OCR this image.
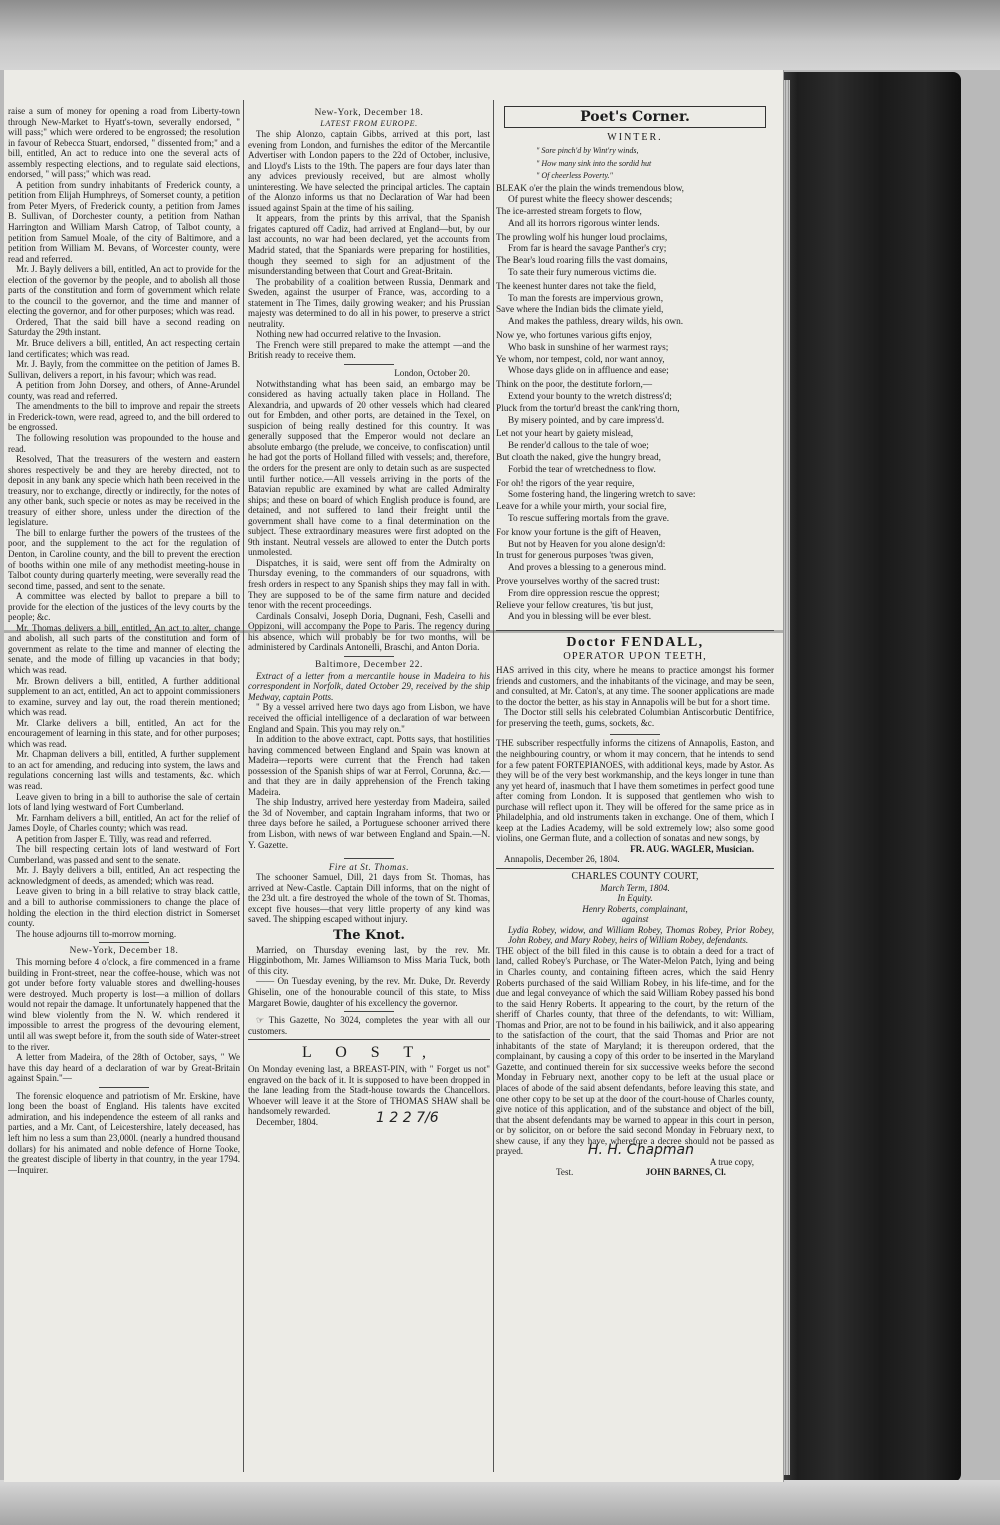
raise a sum of money for opening a road from Liberty-town through New-Market to Hyatt's-town, severally endorsed, " will pass;" which were ordered to be engrossed; the resolution in favour of Rebecca Stuart, endorsed, " dissented from;" and a bill, entitled, An act to reduce into one the several acts of assembly respecting elections, and to regulate said elections, endorsed, " will pass;" which was read.

A petition from sundry inhabitants of Frederick county, a petition from Elijah Humphreys, of Somerset county, a petition from Peter Myers, of Frederick county, a petition from James B. Sullivan, of Dorchester county, a petition from Nathan Harrington and William Marsh Catrop, of Talbot county, a petition from Samuel Moale, of the city of Baltimore, and a petition from William M. Bevans, of Worcester county, were read and referred.

Mr. J. Bayly delivers a bill, entitled, An act to provide for the election of the governor by the people, and to abolish all those parts of the constitution and form of government which relate to the council to the governor, and the time and manner of electing the governor, and for other purposes; which was read.

Ordered, That the said bill have a second reading on Saturday the 29th instant.

Mr. Bruce delivers a bill, entitled, An act respecting certain land certificates; which was read.

Mr. J. Bayly, from the committee on the petition of James B. Sullivan, delivers a report, in his favour; which was read.

A petition from John Dorsey, and others, of Anne-Arundel county, was read and referred.

The amendments to the bill to improve and repair the streets in Frederick-town, were read, agreed to, and the bill ordered to be engrossed.

The following resolution was propounded to the house and read.

Resolved, That the treasurers of the western and eastern shores respectively be and they are hereby directed, not to deposit in any bank any specie which hath been received in the treasury, nor to exchange, directly or indirectly, for the notes of any other bank, such specie or notes as may be received in the treasury of either shore, unless under the direction of the legislature.

The bill to enlarge further the powers of the trustees of the poor, and the supplement to the act for the regulation of Denton, in Caroline county, and the bill to prevent the erection of booths within one mile of any methodist meeting-house in Talbot county during quarterly meeting, were severally read the second time, passed, and sent to the senate.

A committee was elected by ballot to prepare a bill to provide for the election of the justices of the levy courts by the people; &c.

Mr. Thomas delivers a bill, entitled, An act to alter, change and abolish, all such parts of the constitution and form of government as relate to the time and manner of electing the senate, and the mode of filling up vacancies in that body; which was read.

Mr. Brown delivers a bill, entitled, A further additional supplement to an act, entitled, An act to appoint commissioners to examine, survey and lay out, the road therein mentioned; which was read.

Mr. Clarke delivers a bill, entitled, An act for the encouragement of learning in this state, and for other purposes; which was read.

Mr. Chapman delivers a bill, entitled, A further supplement to an act for amending, and reducing into system, the laws and regulations concerning last wills and testaments, &c. which was read.

Leave given to bring in a bill to authorise the sale of certain lots of land lying westward of Fort Cumberland.

Mr. Farnham delivers a bill, entitled, An act for the relief of James Doyle, of Charles county; which was read.

A petition from Jasper E. Tilly, was read and referred.

The bill respecting certain lots of land westward of Fort Cumberland, was passed and sent to the senate.

Mr. J. Bayly delivers a bill, entitled, An act respecting the acknowledgment of deeds, as amended; which was read.

Leave given to bring in a bill relative to stray black cattle, and a bill to authorise commissioners to change the place of holding the election in the third election district in Somerset county.

The house adjourns till to-morrow morning.

New-York, December 18.

This morning before 4 o'clock, a fire commenced in a frame building in Front-street, near the coffee-house, which was not got under before forty valuable stores and dwelling-houses were destroyed. Much property is lost—a million of dollars would not repair the damage. It unfortunately happened that the wind blew violently from the N. W. which rendered it impossible to arrest the progress of the devouring element, until all was swept before it, from the south side of Water-street to the river.

A letter from Madeira, of the 28th of October, says, " We have this day heard of a declaration of war by Great-Britain against Spain."—

The forensic eloquence and patriotism of Mr. Erskine, have long been the boast of England. His talents have excited admiration, and his independence the esteem of all ranks and parties, and a Mr. Cant, of Leicestershire, lately deceased, has left him no less a sum than 23,000l. (nearly a hundred thousand dollars) for his animated and noble defence of Horne Tooke, the greatest disciple of liberty in that country, in the year 1794.—Inquirer.

New-York, December 18.

LATEST FROM EUROPE.

The ship Alonzo, captain Gibbs, arrived at this port, last evening from London, and furnishes the editor of the Mercantile Advertiser with London papers to the 22d of October, inclusive, and Lloyd's Lists to the 19th. The papers are four days later than any advices previously received, but are almost wholly uninteresting. We have selected the principal articles. The captain of the Alonzo informs us that no Declaration of War had been issued against Spain at the time of his sailing.

It appears, from the prints by this arrival, that the Spanish frigates captured off Cadiz, had arrived at England—but, by our last accounts, no war had been declared, yet the accounts from Madrid stated, that the Spaniards were preparing for hostilities, though they seemed to sigh for an adjustment of the misunderstanding between that Court and Great-Britain.

The probability of a coalition between Russia, Denmark and Sweden, against the usurper of France, was, according to a statement in The Times, daily growing weaker; and his Prussian majesty was determined to do all in his power, to preserve a strict neutrality.

Nothing new had occurred relative to the Invasion.

The French were still prepared to make the attempt —and the British ready to receive them.

London, October 20.

Notwithstanding what has been said, an embargo may be considered as having actually taken place in Holland. The Alexandria, and upwards of 20 other vessels which had cleared out for Embden, and other ports, are detained in the Texel, on suspicion of being really destined for this country. It was generally supposed that the Emperor would not declare an absolute embargo (the prelude, we conceive, to confiscation) until he had got the ports of Holland filled with vessels; and, therefore, the orders for the present are only to detain such as are suspected until further notice.—All vessels arriving in the ports of the Batavian republic are examined by what are called Admiralty ships; and these on board of which English produce is found, are detained, and not suffered to land their freight until the government shall have come to a final determination on the subject. These extraordinary measures were first adopted on the 9th instant. Neutral vessels are allowed to enter the Dutch ports unmolested.

Dispatches, it is said, were sent off from the Admiralty on Thursday evening, to the commanders of our squadrons, with fresh orders in respect to any Spanish ships they may fall in with. They are supposed to be of the same firm nature and decided tenor with the recent proceedings.

Cardinals Consalvi, Joseph Doria, Dugnani, Fesh, Caselli and Oppizoni, will accompany the Pope to Paris. The regency during his absence, which will probably be for two months, will be administered by Cardinals Antonelli, Braschi, and Anton Doria.

Baltimore, December 22.

Extract of a letter from a mercantile house in Madeira to his correspondent in Norfolk, dated October 29, received by the ship Medway, captain Potts.

" By a vessel arrived here two days ago from Lisbon, we have received the official intelligence of a declaration of war between England and Spain. This you may rely on."

In addition to the above extract, capt. Potts says, that hostilities having commenced between England and Spain was known at Madeira—reports were current that the French had taken possession of the Spanish ships of war at Ferrol, Corunna, &c.—and that they are in daily apprehension of the French taking Madeira.

The ship Industry, arrived here yesterday from Madeira, sailed the 3d of November, and captain Ingraham informs, that two or three days before he sailed, a Portuguese schooner arrived there from Lisbon, with news of war between England and Spain.—N. Y. Gazette.

Fire at St. Thomas.

The schooner Samuel, Dill, 21 days from St. Thomas, has arrived at New-Castle. Captain Dill informs, that on the night of the 23d ult. a fire destroyed the whole of the town of St. Thomas, except five houses—that very little property of any kind was saved. The shipping escaped without injury.

The Knot.

Married, on Thursday evening last, by the rev. Mr. Higginbothom, Mr. James Williamson to Miss Maria Tuck, both of this city.

—— On Tuesday evening, by the rev. Mr. Duke, Dr. Reverdy Ghiselin, one of the honourable council of this state, to Miss Margaret Bowie, daughter of his excellency the governor.

☞ This Gazette, No 3024, completes the year with all our customers.

L O S T,

On Monday evening last, a BREAST-PIN, with " Forget us not" engraved on the back of it. It is supposed to have been dropped in the lane leading from the Stadt-house towards the Chancellors. Whoever will leave it at the Store of THOMAS SHAW shall be handsomely rewarded.

December, 1804.	1 2 2 7/6

Poet's Corner.
WINTER.

" Sore pinch'd by Wint'ry winds,

" How many sink into the sordid hut

" Of cheerless Poverty."

BLEAK o'er the plain the winds tremendous blow,

Of purest white the fleecy shower descends;

The ice-arrested stream forgets to flow,

And all its horrors rigorous winter lends.

The prowling wolf his hunger loud proclaims,

From far is heard the savage Panther's cry;

The Bear's loud roaring fills the vast domains,

To sate their fury numerous victims die.

The keenest hunter dares not take the field,

To man the forests are impervious grown,

Save where the Indian bids the climate yield,

And makes the pathless, dreary wilds, his own.

Now ye, who fortunes various gifts enjoy,

Who bask in sunshine of her warmest rays;

Ye whom, nor tempest, cold, nor want annoy,

Whose days glide on in affluence and ease;

Think on the poor, the destitute forlorn,—

Extend your bounty to the wretch distress'd;

Pluck from the tortur'd breast the cank'ring thorn,

By misery pointed, and by care impress'd.

Let not your heart by gaiety mislead,

Be render'd callous to the tale of woe;

But cloath the naked, give the hungry bread,

Forbid the tear of wretchedness to flow.

For oh! the rigors of the year require,

Some fostering hand, the lingering wretch to save:

Leave for a while your mirth, your social fire,

To rescue suffering mortals from the grave.

For know your fortune is the gift of Heaven,

But not by Heaven for you alone design'd:

In trust for generous purposes 'twas given,

And proves a blessing to a generous mind.

Prove yourselves worthy of the sacred trust:

From dire oppression rescue the opprest;

Relieve your fellow creatures, 'tis but just,

And you in blessing will be ever blest.

Doctor FENDALL,
OPERATOR UPON TEETH,

HAS arrived in this city, where he means to practice amongst his former friends and customers, and the inhabitants of the vicinage, and may be seen, and consulted, at Mr. Caton's, at any time. The sooner applications are made to the doctor the better, as his stay in Annapolis will be but for a short time.

The Doctor still sells his celebrated Columbian Antiscorbutic Dentifrice, for preserving the teeth, gums, sockets, &c.

THE subscriber respectfully informs the citizens of Annapolis, Easton, and the neighbouring country, or whom it may concern, that he intends to send for a few patent FORTEPIANOES, with additional keys, made by Astor. As they will be of the very best workmanship, and the keys longer in tune than any yet heard of, inasmuch that I have them sometimes in perfect good tune after coming from London. It is supposed that gentlemen who wish to purchase will reflect upon it. They will be offered for the same price as in Philadelphia, and old instruments taken in exchange. One of them, which I keep at the Ladies Academy, will be sold extremely low; also some good violins, one German flute, and a collection of sonatas and new songs, by

FR. AUG. WAGLER, Musician.

Annapolis, December 26, 1804.

CHARLES COUNTY COURT,

March Term, 1804.

In Equity.

Henry Roberts, complainant,

against

Lydia Robey, widow, and William Robey, Thomas Robey, Prior Robey, John Robey, and Mary Robey, heirs of William Robey, defendants.

THE object of the bill filed in this cause is to obtain a deed for a tract of land, called Robey's Purchase, or The Water-Melon Patch, lying and being in Charles county, and containing fifteen acres, which the said Henry Roberts purchased of the said William Robey, in his life-time, and for the due and legal conveyance of which the said William Robey passed his bond to the said Henry Roberts. It appearing to the court, by the return of the sheriff of Charles county, that three of the defendants, to wit: William, Thomas and Prior, are not to be found in his bailiwick, and it also appearing to the satisfaction of the court, that the said Thomas and Prior are not inhabitants of the state of Maryland; it is thereupon ordered, that the complainant, by causing a copy of this order to be inserted in the Maryland Gazette, and continued therein for six successive weeks before the second Monday in February next, another copy to be left at the usual place or places of abode of the said absent defendants, before leaving this state, and one other copy to be set up at the door of the court-house of Charles county, give notice of this application, and of the substance and object of the bill, that the absent defendants may be warned to appear in this court in person, or by solicitor, on or before the said second Monday in February next, to shew cause, if any they have, wherefore a decree should not be passed as prayed.	H. H. Chapman
A true copy,

Test.	JOHN BARNES, Cl.
